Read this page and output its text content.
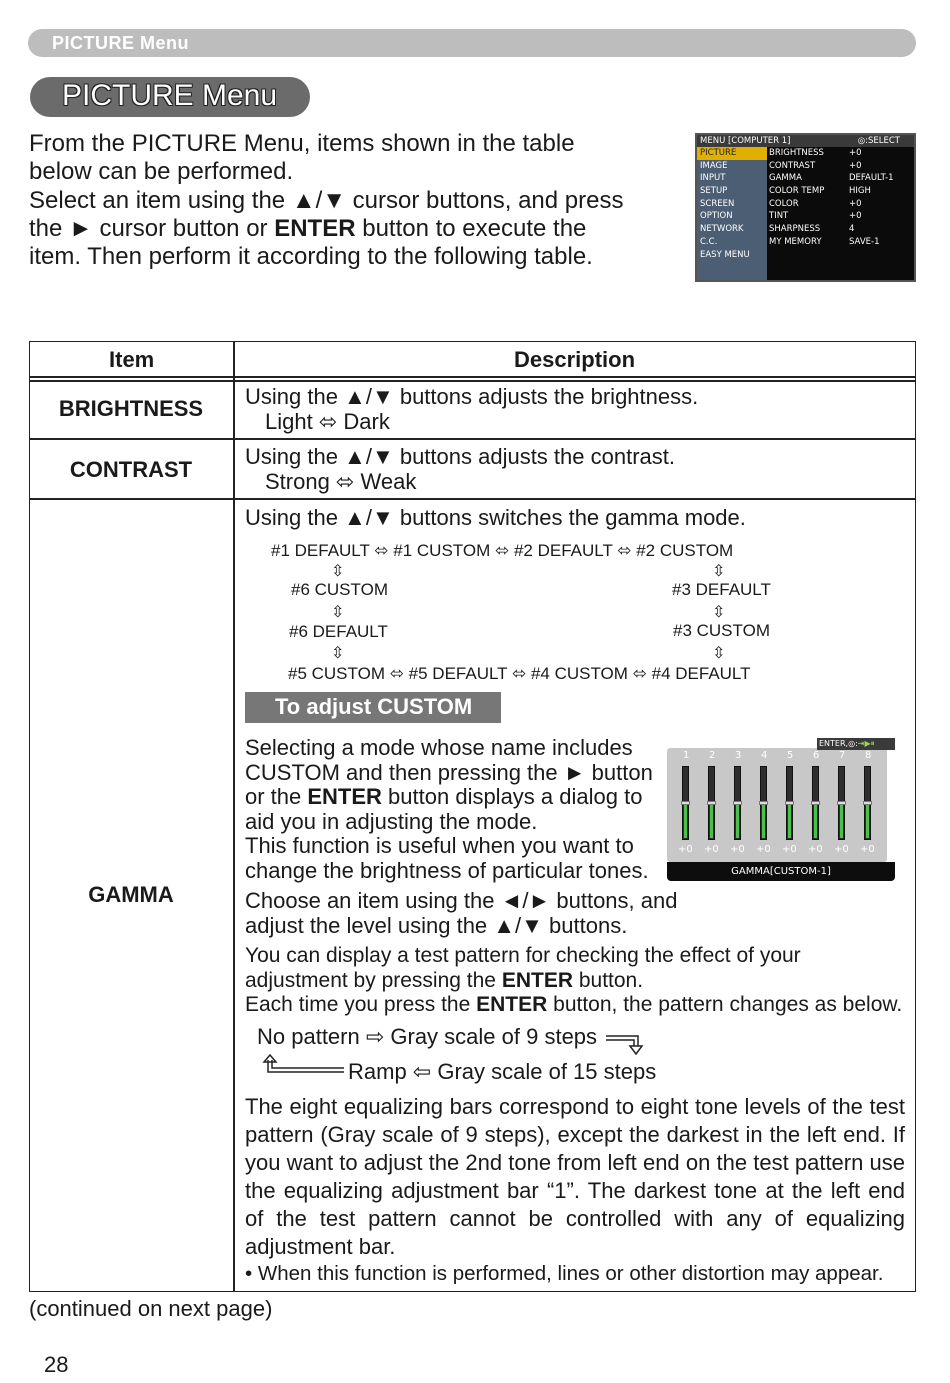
PICTURE Menu
PICTURE Menu

From the PICTURE Menu, items shown in the table

below can be performed.

Select an item using the ▲/▼ cursor buttons, and press

the ► cursor button or ENTER button to execute the

item. Then perform it according to the following table.

MENU [COMPUTER 1]	◎:SELECT
PICTURE
IMAGE
INPUT
SETUP
SCREEN
OPTION
NETWORK
C.C.
EASY MENU
BRIGHTNESS	+0
CONTRAST	+0
GAMMA	DEFAULT-1
COLOR TEMP	HIGH
COLOR	+0
TINT	+0
SHARPNESS	4
MY MEMORY	SAVE-1
Item	Description
BRIGHTNESS	Using the ▲/▼ buttons adjusts the brightness.

Light ⬄ Dark

CONTRAST

Using the ▲/▼ buttons adjusts the contrast.

Strong ⬄ Weak

GAMMA
Using the ▲/▼ buttons switches the gamma mode.
#1 DEFAULT ⬄ #1 CUSTOM ⬄ #2 DEFAULT ⬄ #2 CUSTOM
⇳	⇳
#6 CUSTOM	#3 DEFAULT
⇳	⇳
#6 DEFAULT	#3 CUSTOM
⇳	⇳
#5 CUSTOM ⬄ #5 DEFAULT ⬄ #4 CUSTOM ⬄ #4 DEFAULT
To adjust CUSTOM

Selecting a mode whose name includes

CUSTOM and then pressing the ► button

or the ENTER button displays a dialog to

aid you in adjusting the mode.

This function is useful when you want to

change the brightness of particular tones.

1
+0
2
+0
3
+0
4
+0
5
+0
6
+0
7
+0
8
+0
ENTER,◎:⇥▶⏸
GAMMA[CUSTOM-1]

Choose an item using the ◄/► buttons, and

adjust the level using the ▲/▼ buttons.

You can display a test pattern for checking the effect of your

adjustment by pressing the ENTER button.

Each time you press the ENTER button, the pattern changes as below.

No pattern ⇨ Gray scale of 9 steps
Ramp ⇦ Gray scale of 15 steps

The eight equalizing bars correspond to eight tone levels of the test pattern (Gray scale of 9 steps), except the darkest in the left end. If you want to adjust the 2nd tone from left end on the test pattern use the equalizing adjustment bar “1”. The darkest tone at the left end of the test pattern cannot be controlled with any of equalizing adjustment bar.

• When this function is performed, lines or other distortion may appear.
(continued on next page)
28
